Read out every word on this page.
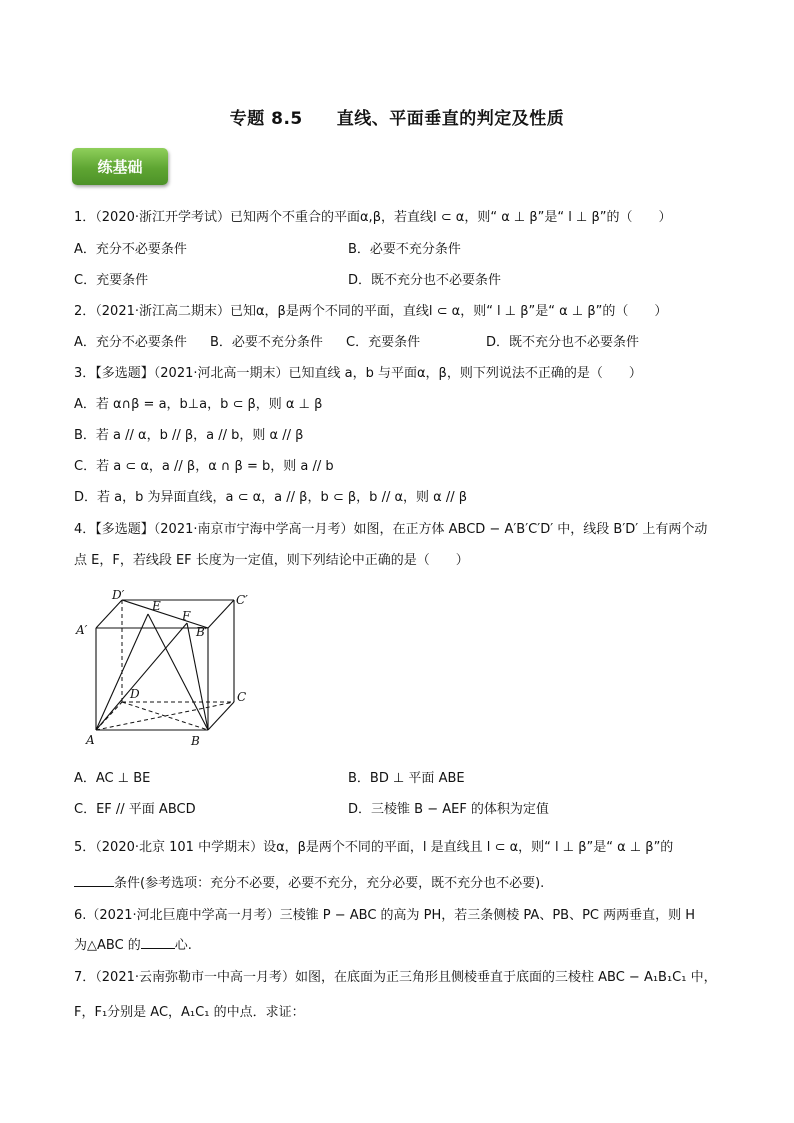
专题 8.5 直线、平面垂直的判定及性质
练基础
1．（2020·浙江开学考试）已知两个不重合的平面α,β，若直线l ⊂ α，则“ α ⊥ β”是“ l ⊥ β”的（　　）
A．充分不必要条件	B．必要不充分条件
C．充要条件	D．既不充分也不必要条件
2．（2021·浙江高二期末）已知α，β是两个不同的平面，直线l ⊂ α，则“ l ⊥ β”是“ α ⊥ β”的（　　）
A．充分不必要条件 B．必要不充分条件 C．充要条件	D．既不充分也不必要条件
3．【多选题】（2021·河北高一期末）已知直线 a，b 与平面α，β，则下列说法不正确的是（　　）
A．若 α∩β = a，b⊥a，b ⊂ β，则 α ⊥ β
B．若 a // α，b // β，a // b，则 α // β
C．若 a ⊂ α，a // β，α ∩ β = b，则 a // b
D．若 a，b 为异面直线，a ⊂ α，a // β，b ⊂ β，b // α，则 α // β
4．【多选题】（2021·南京市宁海中学高一月考）如图，在正方体 ABCD − A′B′C′D′ 中，线段 B′D′ 上有两个动
点 E，F，若线段 EF 长度为一定值，则下列结论中正确的是（　　）
A	B
C
D
A′	B′
C′
D′
E
F
A．AC ⊥ BE	B．BD ⊥ 平面 ABE
C．EF // 平面 ABCD	D．三棱锥 B − AEF 的体积为定值
5．（2020·北京 101 中学期末）设α，β是两个不同的平面，l 是直线且 l ⊂ α，则“ l ⊥ β”是“ α ⊥ β”的
条件(参考选项：充分不必要，必要不充分，充分必要，既不充分也不必要).
6.（2021·河北巨鹿中学高一月考）三棱锥 P − ABC 的高为 PH，若三条侧棱 PA、PB、PC 两两垂直，则 H
为△ABC 的	心.
7．（2021·云南弥勒市一中高一月考）如图，在底面为正三角形且侧棱垂直于底面的三棱柱 ABC − A₁B₁C₁ 中，
F，F₁分别是 AC，A₁C₁ 的中点．求证：
